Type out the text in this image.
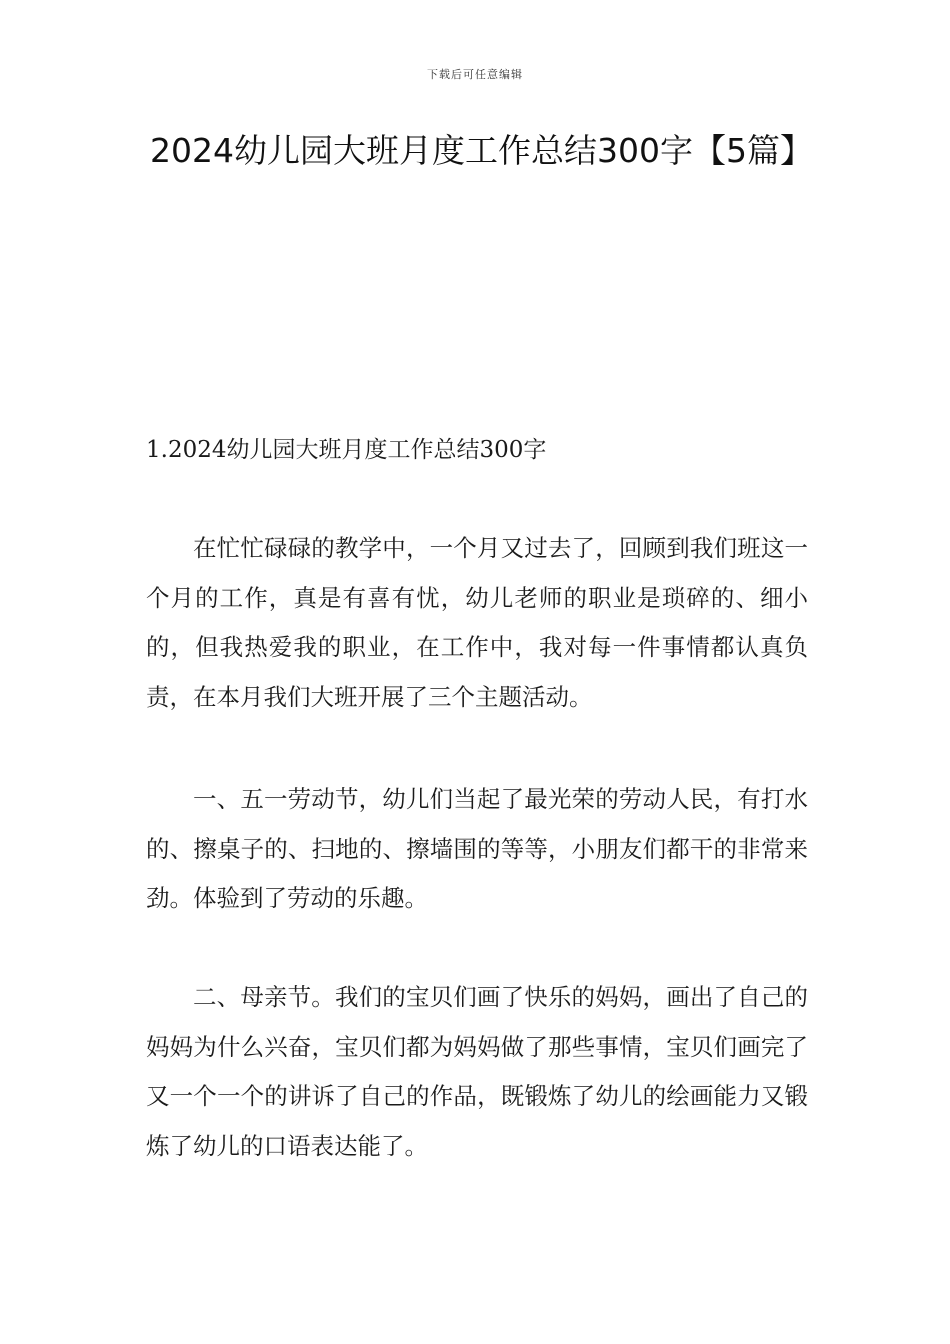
下载后可任意编辑
2024幼儿园大班月度工作总结300字【5篇】

1.2024幼儿园大班月度工作总结300字

在忙忙碌碌的教学中，一个月又过去了，回顾到我们班这一个月的工作，真是有喜有忧，幼儿老师的职业是琐碎的、细小的，但我热爱我的职业，在工作中，我对每一件事情都认真负责，在本月我们大班开展了三个主题活动。

一、五一劳动节，幼儿们当起了最光荣的劳动人民，有打水的、擦桌子的、扫地的、擦墙围的等等，小朋友们都干的非常来劲。体验到了劳动的乐趣。

二、母亲节。我们的宝贝们画了快乐的妈妈，画出了自己的妈妈为什么兴奋，宝贝们都为妈妈做了那些事情，宝贝们画完了又一个一个的讲诉了自己的作品，既锻炼了幼儿的绘画能力又锻炼了幼儿的口语表达能了。
